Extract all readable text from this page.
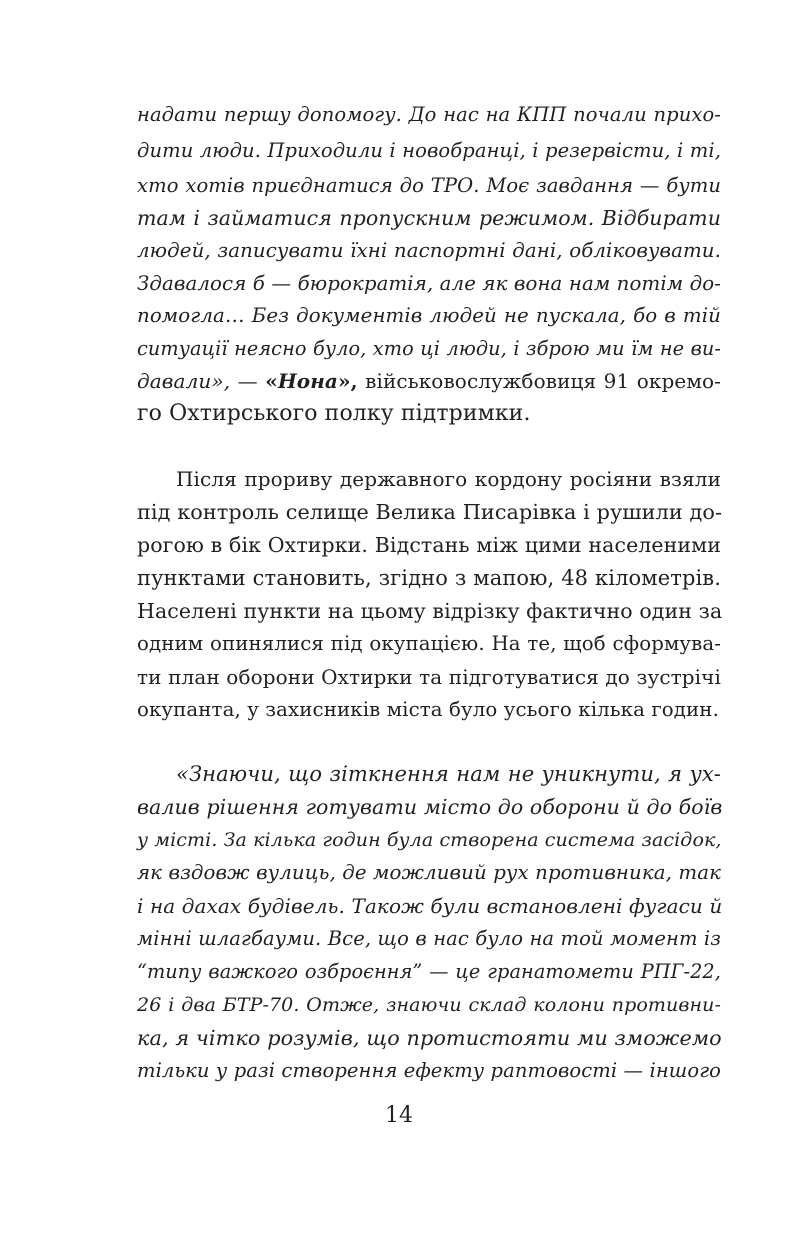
надати першу допомогу. До нас на КПП почали прихо-
дити люди. Приходили і новобранці, і резервісти, і ті,
хто хотів приєднатися до ТРО. Моє завдання — бути
там і займатися пропускним режимом. Відбирати
людей, записувати їхні паспортні дані, обліковувати.
Здавалося б — бюрократія, але як вона нам потім до-
помогла… Без документів людей не пускала, бо в тій
ситуації неясно було, хто ці люди, і зброю ми їм не ви-
давали», — «Нона», військовослужбовиця 91 окремо-
го Охтирського полку підтримки.
Після прориву державного кордону росіяни взяли
під контроль селище Велика Писарівка і рушили до-
рогою в бік Охтирки. Відстань між цими населеними
пунктами становить, згідно з мапою, 48 кілометрів.
Населені пункти на цьому відрізку фактично один за
одним опинялися під окупацією. На те, щоб сформува-
ти план оборони Охтирки та підготуватися до зустрічі
окупанта, у захисників міста було усього кілька годин.
«Знаючи, що зіткнення нам не уникнути, я ух-
валив рішення готувати місто до оборони й до боїв
у місті. За кілька годин була створена система засідок,
як вздовж вулиць, де можливий рух противника, так
і на дахах будівель. Також були встановлені фугаси й
мінні шлагбауми. Все, що в нас було на той момент із
“типу важкого озброєння” — це гранатомети РПГ-22,
26 і два БТР-70. Отже, знаючи склад колони противни-
ка, я чітко розумів, що протистояти ми зможемо
тільки у разі створення ефекту раптовості — іншого
14
